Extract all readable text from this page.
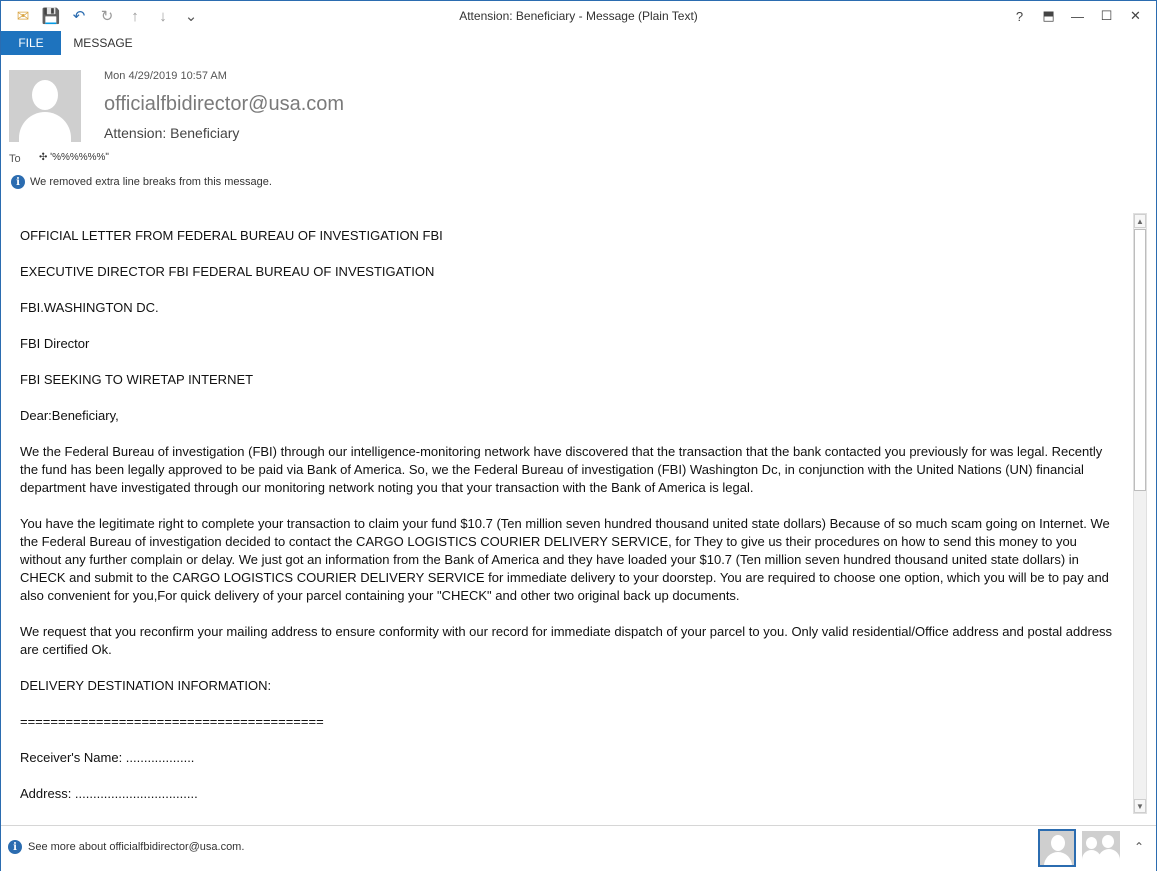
✉ 💾 ↶	↻	↑	↓	⌄	Attension: Beneficiary - Message (Plain Text)	?	⬒	—	☐	✕
FILE	MESSAGE
Mon 4/29/2019 10:57 AM
officialfbidirector@usa.com
Attension: Beneficiary
To ✣ ʹ%%%%%%ʺ
i We removed extra line breaks from this message.

OFFICIAL LETTER FROM FEDERAL BUREAU OF INVESTIGATION FBI

EXECUTIVE DIRECTOR FBI FEDERAL BUREAU OF INVESTIGATION

FBI.WASHINGTON DC.

FBI Director

FBI SEEKING TO WIRETAP INTERNET

Dear:Beneficiary,

We the Federal Bureau of investigation (FBI) through our intelligence-monitoring network have discovered that the transaction that the bank contacted you previously for was legal. Recently the fund has been legally approved to be paid via Bank of America. So, we the Federal Bureau of investigation (FBI) Washington Dc, in conjunction with the United Nations (UN) financial department have investigated through our monitoring network noting you that your transaction with the Bank of America is legal.

You have the legitimate right to complete your transaction to claim your fund $10.7 (Ten million seven hundred thousand united state dollars) Because of so much scam going on Internet. We the Federal Bureau of investigation decided to contact the CARGO LOGISTICS COURIER DELIVERY SERVICE, for They to give us their procedures on how to send this money to you without any further complain or delay. We just got an information from the Bank of America and they have loaded your $10.7 (Ten million seven hundred thousand united state dollars) in CHECK and submit to the CARGO LOGISTICS COURIER DELIVERY SERVICE for immediate delivery to your doorstep. You are required to choose one option, which you will be to pay and also convenient for you,For quick delivery of your parcel containing your "CHECK" and other two original back up documents.

We request that you reconfirm your mailing address to ensure conformity with our record for immediate dispatch of your parcel to you. Only valid residential/Office address and postal address are certified Ok.

DELIVERY DESTINATION INFORMATION:

========================================

Receiver's Name: ...................

Address: ..................................

▲
▼
i	See more about officialfbidirector@usa.com.	⌃
